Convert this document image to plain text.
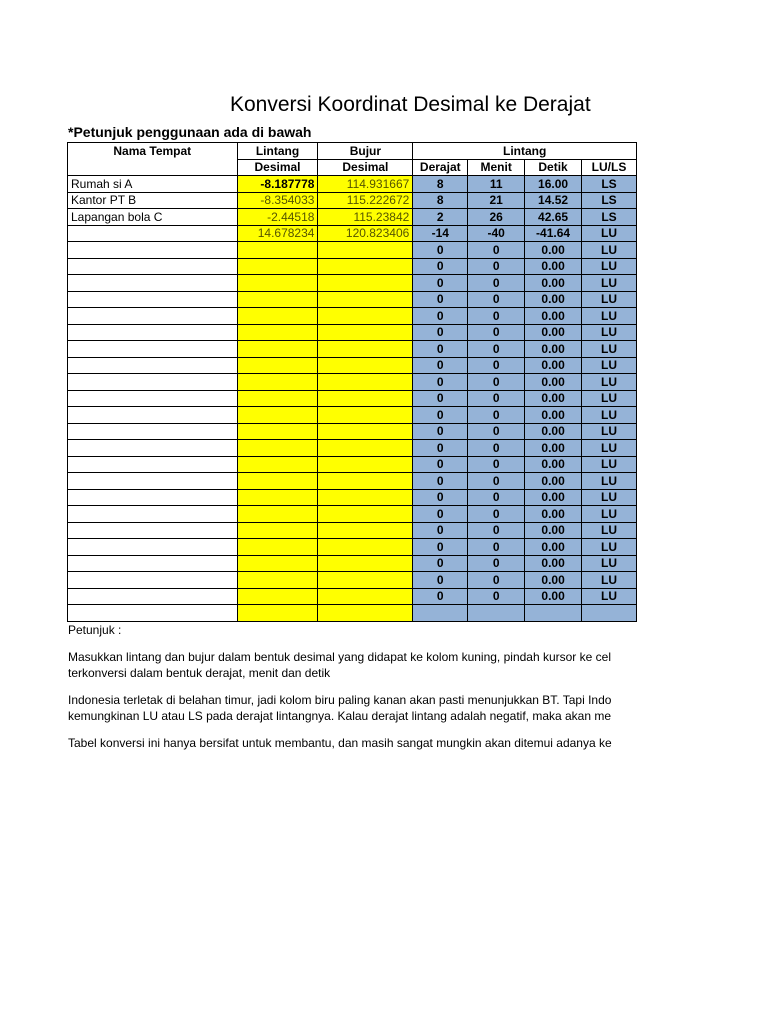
Konversi Koordinat Desimal ke Derajat
*Petunjuk penggunaan ada di bawah
Nama Tempat	Lintang	Bujur	Lintang			
	Desimal	Desimal	Derajat	Menit	Detik	LU/LS
Rumah si A	-8.187778	114.931667	8	11	16.00	LS
Kantor PT B	-8.354033	115.222672	8	21	14.52	LS
Lapangan bola C	-2.44518	115.23842	2	26	42.65	LS
	14.678234	120.823406	-14	-40	-41.64	LU
			0	0	0.00	LU
			0	0	0.00	LU
			0	0	0.00	LU
			0	0	0.00	LU
			0	0	0.00	LU
			0	0	0.00	LU
			0	0	0.00	LU
			0	0	0.00	LU
			0	0	0.00	LU
			0	0	0.00	LU
			0	0	0.00	LU
			0	0	0.00	LU
			0	0	0.00	LU
			0	0	0.00	LU
			0	0	0.00	LU
			0	0	0.00	LU
			0	0	0.00	LU
			0	0	0.00	LU
			0	0	0.00	LU
			0	0	0.00	LU
			0	0	0.00	LU
			0	0	0.00	LU

Petunjuk :

Masukkan lintang dan bujur dalam bentuk desimal yang didapat ke kolom kuning, pindah kursor ke cel

terkonversi dalam bentuk derajat, menit dan detik

Indonesia terletak di belahan timur, jadi kolom biru paling kanan akan pasti menunjukkan BT. Tapi Indo

kemungkinan LU atau LS pada derajat lintangnya. Kalau derajat lintang adalah negatif, maka akan me

Tabel konversi ini hanya bersifat untuk membantu, dan masih sangat mungkin akan ditemui adanya ke
